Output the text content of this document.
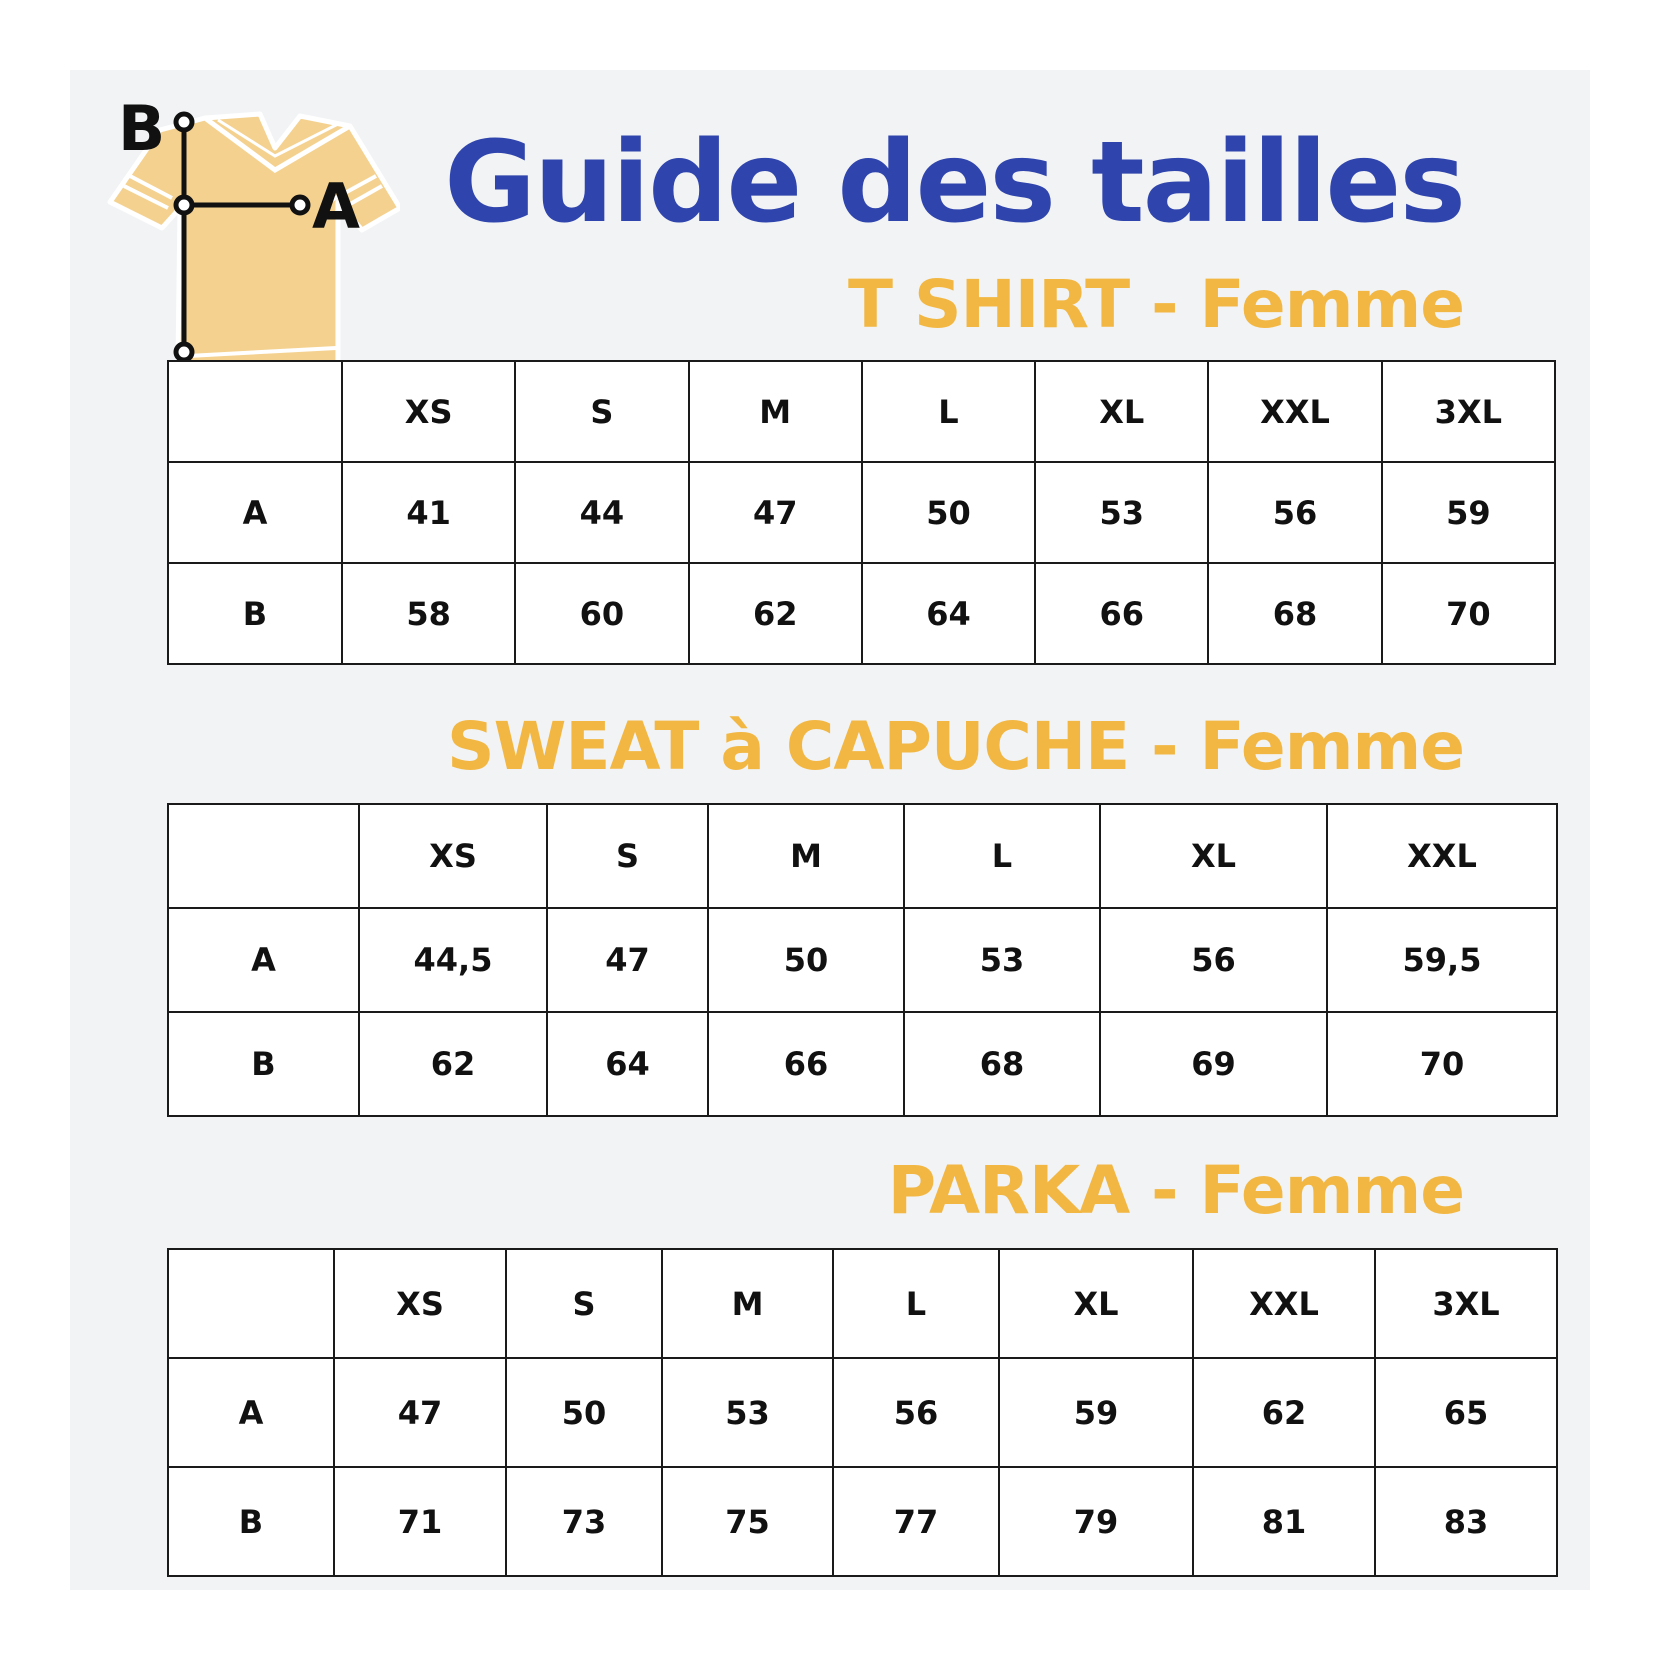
B
A Guide des tailles
T SHIRT - Femme
	XS	S	M	L	XL	XXL	3XL
A	41	44	47	50	53	56	59
B	58	60	62	64	66	68	70
SWEAT à CAPUCHE - Femme
	XS	S	M	L	XL	XXL
A	44,5	47	50	53	56	59,5
B	62	64	66	68	69	70
PARKA - Femme
	XS	S	M	L	XL	XXL	3XL
A	47	50	53	56	59	62	65
B	71	73	75	77	79	81	83
